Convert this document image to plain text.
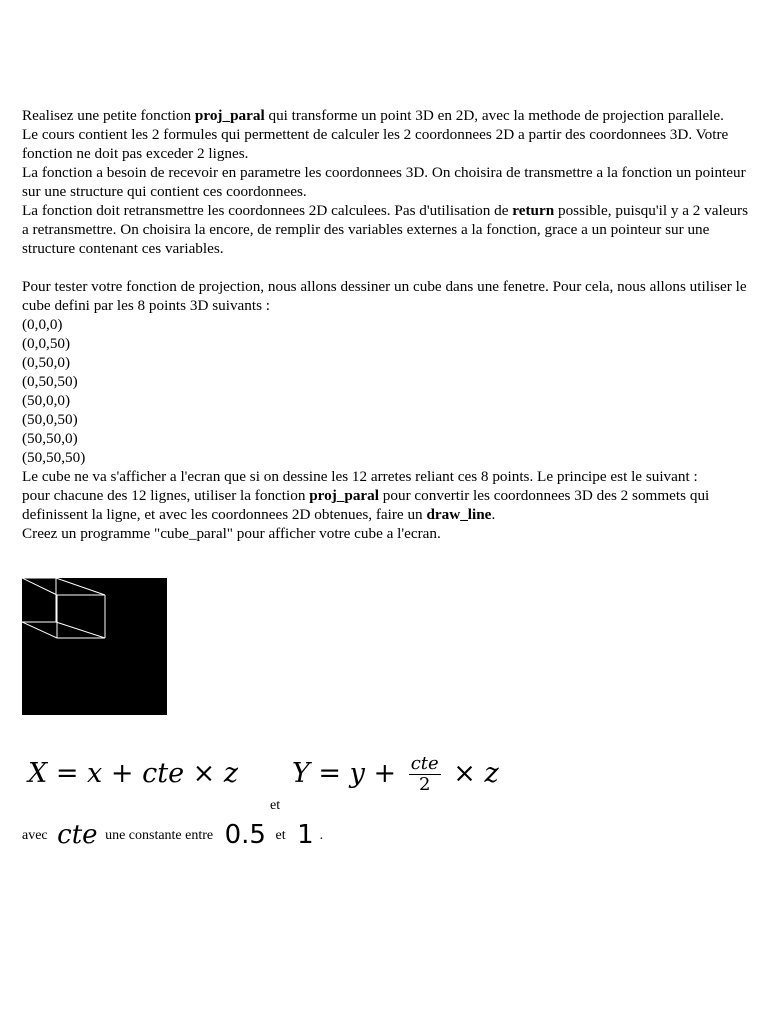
Realisez une petite fonction proj_paral qui transforme un point 3D en 2D, avec la methode de projection parallele.

Le cours contient les 2 formules qui permettent de calculer les 2 coordonnees 2D a partir des coordonnees 3D. Votre fonction ne doit pas exceder 2 lignes.

La fonction a besoin de recevoir en parametre les coordonnees 3D. On choisira de transmettre a la fonction un pointeur sur une structure qui contient ces coordonnees.

La fonction doit retransmettre les coordonnees 2D calculees. Pas d'utilisation de return possible, puisqu'il y a 2 valeurs a retransmettre. On choisira la encore, de remplir des variables externes a la fonction, grace a un pointeur sur une structure contenant ces variables.

Pour tester votre fonction de projection, nous allons dessiner un cube dans une fenetre. Pour cela, nous allons utiliser le cube defini par les 8 points 3D suivants :

(0,0,0)

(0,0,50)

(0,50,0)

(0,50,50)

(50,0,0)

(50,0,50)

(50,50,0)

(50,50,50)

Le cube ne va s'afficher a l'ecran que si on dessine les 12 arretes reliant ces 8 points. Le principe est le suivant :

pour chacune des 12 lignes, utiliser la fonction proj_paral pour convertir les coordonnees 3D des 2 sommets qui definissent la ligne, et avec les coordonnees 2D obtenues, faire un draw_line.

Creez un programme "cube_paral" pour afficher votre cube a l'ecran.

X = x + cte × z $Y = y + \frac{\text{cte}}{2} \times z$
et
avec cte une constante entre 0.5 et 1 .
